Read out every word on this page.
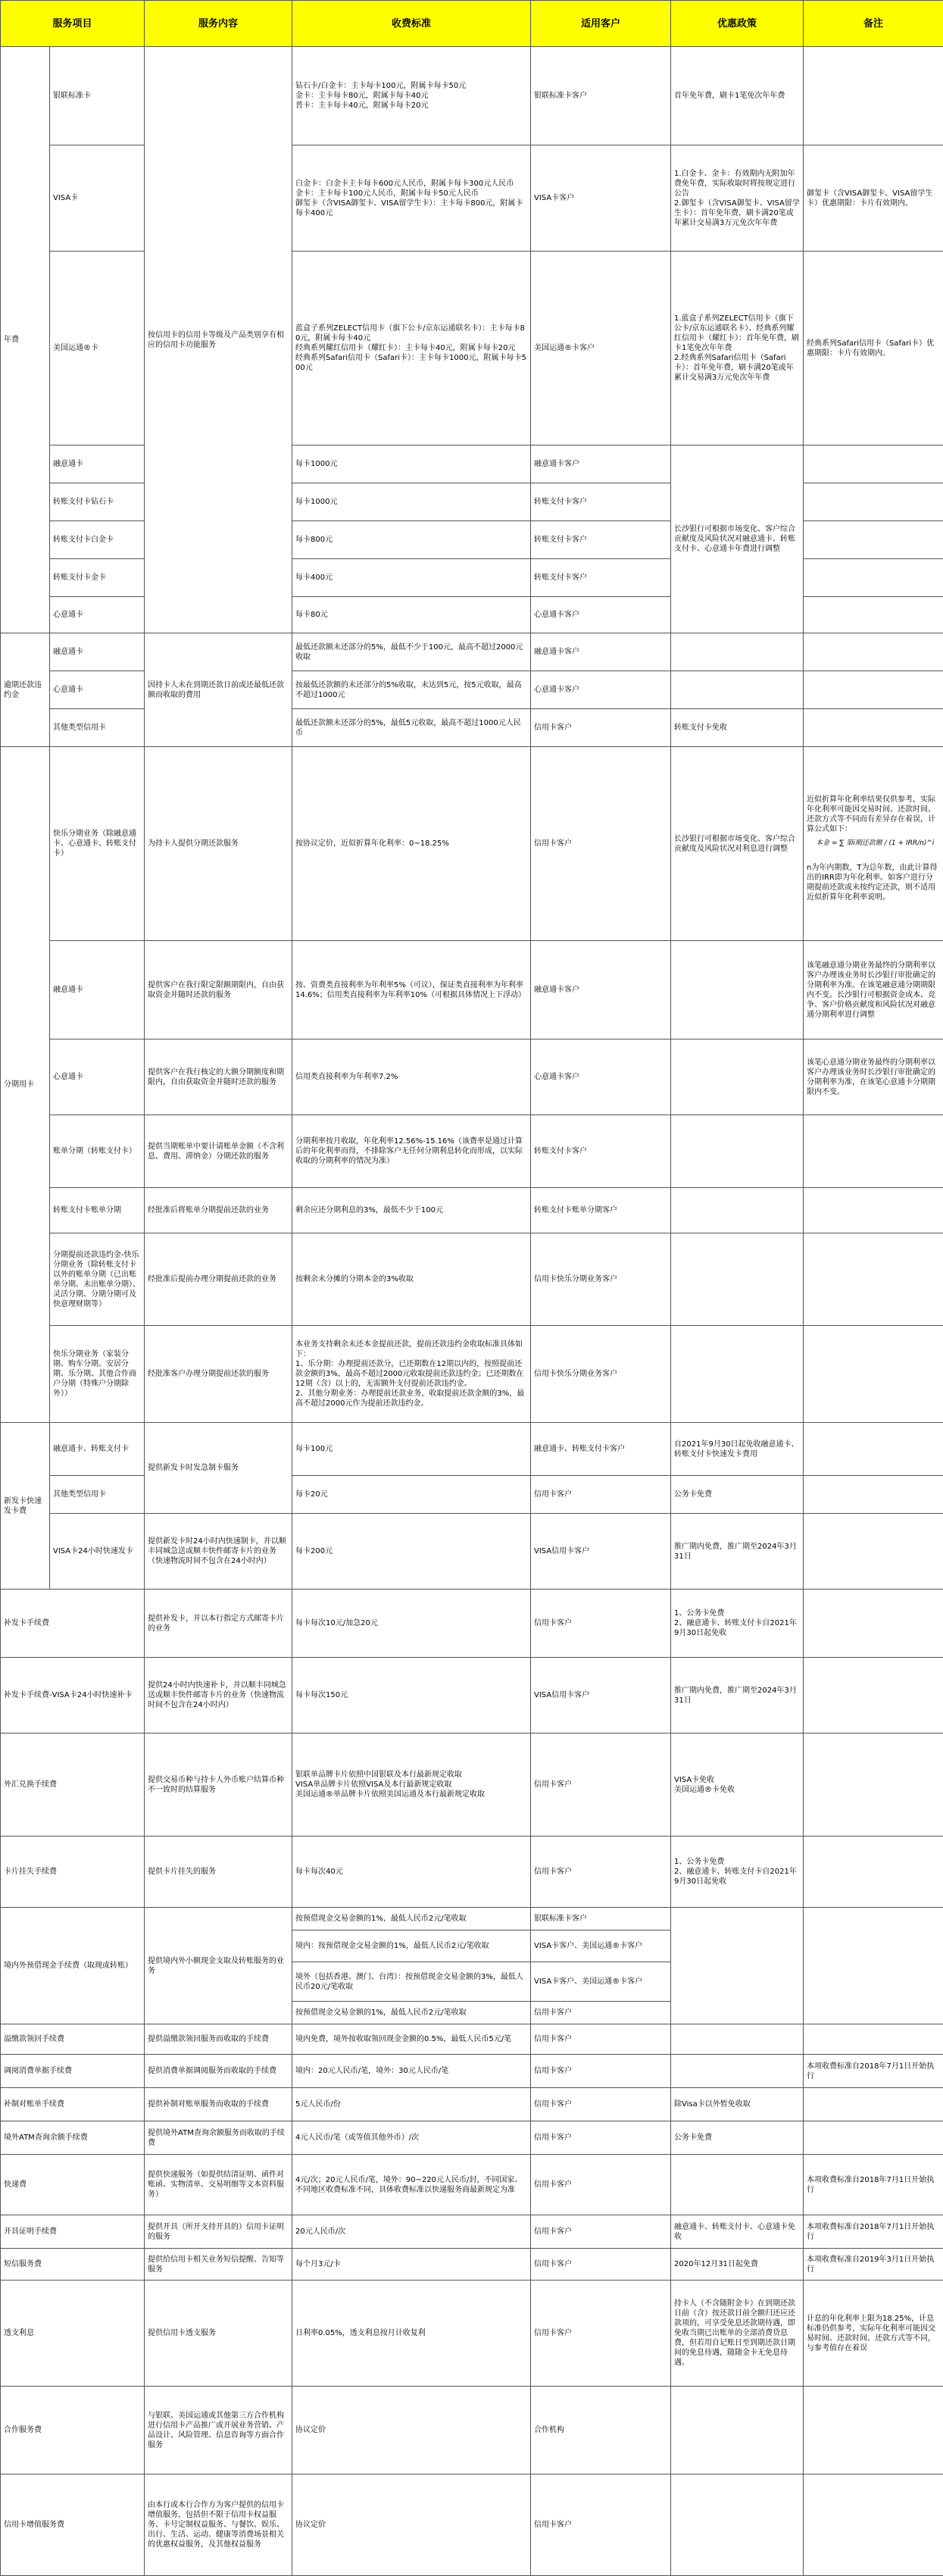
服务项目		服务内容	收费标准	适用客户	优惠政策	备注
年费	银联标准卡	按信用卡的信用卡等级及产品类别享有相应的信用卡功能服务	钻石卡/白金卡：主卡每卡100元，附属卡每卡50元
金卡：主卡每卡80元，附属卡每卡40元
普卡：主卡每卡40元，附属卡每卡20元	银联标准卡客户	首年免年费，刷卡1笔免次年年费	
	VISA卡		白金卡：白金卡主卡每卡600元人民币，附属卡每卡300元人民币
金卡：主卡每卡100元人民币，附属卡每卡50元人民币
御玺卡（含VISA御玺卡、VISA留学生卡）：主卡每卡800元，附属卡每卡400元	VISA卡客户	1.白金卡、金卡：有效期内无附加年费免年费，实际收取时将按规定进行公告
2.御玺卡（含VISA御玺卡、VISA留学生卡）：首年免年费，刷卡满20笔或年累计交易满3万元免次年年费	御玺卡（含VISA御玺卡、VISA留学生卡）优惠期限：卡片有效期内。
	美国运通®卡		蓝盒子系列ZELECT信用卡（旗下公卡/京东运通联名卡）：主卡每卡80元，附属卡每卡40元
经典系列耀红信用卡（耀红卡）：主卡每卡40元，附属卡每卡20元
经典系列Safari信用卡（Safari卡）：主卡每卡1000元，附属卡每卡500元	美国运通®卡客户	1.蓝盒子系列ZELECT信用卡（旗下公卡/京东运通联名卡）、经典系列耀红信用卡（耀红卡）：首年免年费，刷卡1笔免次年年费
2.经典系列Safari信用卡（Safari卡）：首年免年费，刷卡满20笔或年累计交易满3万元免次年年费	经典系列Safari信用卡（Safari卡）优惠期限：卡片有效期内。
	融意通卡		每卡1000元	融意通卡客户	长沙银行可根据市场变化、客户综合贡献度及风险状况对融意通卡、转账支付卡、心意通卡年费进行调整	
	转账支付卡钻石卡		每卡1000元	转账支付卡客户		
	转账支付卡白金卡		每卡800元	转账支付卡客户		
	转账支付卡金卡		每卡400元	转账支付卡客户		
	心意通卡		每卡80元	心意通卡客户		
逾期还款违约金	融意通卡	因持卡人未在到期还款日前或还最低还款额而收取的费用	最低还款额未还部分的5%，最低不少于100元，最高不超过2000元收取	融意通卡客户		
	心意通卡		按最低还款额的未还部分的5%收取，未达到5元，按5元收取，最高不超过1000元	心意通卡客户		
	其他类型信用卡		最低还款额未还部分的5%，最低5元收取，最高不超过1000元人民币	信用卡客户	转账支付卡免收	
分期用卡	快乐分期业务（除融意通卡、心意通卡、转账支付卡）	为持卡人提供分期还款服务	按协议定价，近似折算年化利率：0~18.25%	信用卡客户	长沙银行可根据市场变化、客户综合贡献度及风险状况对利息进行调整	近似折算年化利率结果仅供参考，实际年化利率可能因交易时间、还款时间、还款方式等不同而有差异存在着误，计算公式如下：

本金 = ∑ 第i期还款额 / (1 + IRR/n)^i

n为年内期数，T为总年数，由此计算得出的IRR即为年化利率。如客户进行分期提前还款或未按约定还款，则不适用近似折算年化利率说明。

	融意通卡	提供客户在我行限定限额期限内，自由获取资金并随时还款的服务	按、资费类直接利率为年利率5%（可议），保证类直接利率为年利率14.6%；信用类直接利率为年利率10%（可根据具体情况上下浮动）	融意通卡客户		该笔融意通分期业务最终的分期利率以客户办理该业务时长沙银行审批确定的分期利率为准。在该笔融意通分期期限内不变。长沙银行可根据资金成本、竞争、客户价格贡献度和风险状况对融意通分期利率进行调整
	心意通卡	提供客户在我行核定的大额分期额度和期限内，自由获取资金并随时还款的服务	信用类直接利率为年利率7.2%	心意通卡客户		该笔心意通分期业务最终的分期利率以客户办理该业务时长沙银行审批确定的分期利率为准，在该笔心意通卡分期期限内不变。
	账单分期（转账支付卡）	提供当期账单中要计请账单金额（不含利息、费用、滞纳金）分期还款的服务	分期利率按月收取，年化利率12.56%-15.16%（该费率是通过计算后的年化利率而得，不排除客户无任何分期利息转化而形成，以实际收取的分期利率的情况为准）	转账支付卡客户		
	转账支付卡账单分期	经批准后将账单分期提前还款的业务	剩余应还分期利息的3%，最低不少于100元	转账支付卡账单分期客户		
	分期提前还款违约金-快乐分期业务（除转账支付卡以外的账单分期（已出账单分期、未出账单分期）、灵活分期、分期分期可及快意理财期等）	经批准后提前办理分期提前还款的业务	按剩余未分摊的分期本金的3%收取	信用卡快乐分期业务客户		
	快乐分期业务（家装分期、购车分期、安居分期、乐分期、其他合作商户分期（特殊户分期除外））	经批准客户办理分期提前还款的服务	本业务支持剩余未还本金提前还款，提前还款违约金收取标准具体如下：
1、乐分期：办理提前还款分，已还期数在12期以内的，按照提前还款金额的3%，最高不超过2000元收取提前还款违约金；已还期数在12期（含）以上的，无需额外支付提前还款违约金。
2、其他分期业务：办理提前还款业务，收取提前还款金额的3%，最高不超过2000元作为提前还款违约金。	信用卡快乐分期业务客户		
新发卡快速发卡费	融意通卡、转账支付卡	提供新发卡时发急制卡服务	每卡100元	融意通卡、转账支付卡客户	自2021年9月30日起免收融意通卡、转账支付卡快速发卡费用	
	其他类型信用卡		每卡20元	信用卡客户	公务卡免费	
	VISA卡24小时快速发卡	提供新发卡时24小时内快速制卡，并以顺丰同城急送或顺丰快件邮寄卡片的业务（快速物流时间不包含在24小时内）	每卡200元	VISA信用卡客户	推广期内免费，推广期至2024年3月31日	
补发卡手续费		提供补发卡，并以本行指定方式邮寄卡片的业务	每卡每次10元/加急20元	信用卡客户	1、公务卡免费
2、融意通卡、转账支付卡自2021年9月30日起免收	
补发卡手续费-VISA卡24小时快速补卡		提供24小时内快速补卡，并以顺丰同城急送或顺丰快件邮寄卡片的业务（快速物流时间不包含在24小时内）	每卡每次150元	VISA信用卡客户	推广期内免费，推广期至2024年3月31日	
外汇兑换手续费		提供交易币种与持卡人外币账户结算币种不一致时的结算服务	银联单品牌卡片依照中国银联及本行最新规定收取
VISA单品牌卡片依照VISA及本行最新规定收取
美国运通®单品牌卡片依照美国运通及本行最新规定收取	信用卡客户	VISA卡免收
美国运通®卡免收	
卡片挂失手续费		提供卡片挂失的服务	每卡每次40元	信用卡客户	1、公务卡免费
2、融意通卡、转账支付卡自2021年9月30日起免收	
境内外预借现金手续费（取现或转账）		提供境内外小额现金支取及转账服务的业务	按预借现金交易金额的1%，最低人民币2元/笔收取	银联标准卡客户		
			境内：按预借现金交易金额的1%，最低人民币2元/笔收取	VISA卡客户、美国运通®卡客户		
			境外（包括香港、澳门、台湾）：按预借现金交易金额的3%，最低人民币20元/笔收取	VISA卡客户、美国运通®卡客户		
			按预借现金交易金额的1%，最低人民币2元/笔收取	信用卡客户		
溢缴款领回手续费		提供溢缴款领回服务而收取的手续费	境内免费，境外按收取领回现金金额的0.5%，最低人民币5元/笔	信用卡客户		
调阅消费单据手续费		提供消费单据调阅服务而收取的手续费	境内：20元人民币/笔，境外：30元人民币/笔	信用卡客户		本项收费标准自2018年7月1日开始执行
补制对账单手续费		提供补制对账单服务而收取的手续费	5元人民币/份	信用卡客户	除Visa卡以外暂免收取	
境外ATM查询余额手续费		提供境外ATM查询余额服务而收取的手续费	4元人民币/笔（或等值其他外币）/次	信用卡客户	公务卡免费	
快递费		提供快递服务（如提供结清证明、函件对账函、实物清单、交易明细等文本资料服务）	4元/次；20元人民币/笔，境外：90~220元人民币/封，不同国家、不同地区收费标准不同，具体收费标准以快递服务商最新规定为准	信用卡客户		本项收费标准自2018年7月1日开始执行
开具证明手续费		提供开具（所开支持开具的）信用卡证明的服务	20元人民币/次	信用卡客户	融意通卡、转账支付卡、心意通卡免收	本项收费标准自2018年7月1日开始执行
短信服务费		提供给信用卡相关业务短信提醒、告知等服务	每个月3元/卡	信用卡客户	2020年12月31日起免费	本项收费标准自2019年3月1日开始执行
透支利息		提供信用卡透支服务	日利率0.05%，透支利息按月计收复利	信用卡客户	持卡人（不含随附金卡）在到期还款日前（含）按还款日前全额归还应还款项的，可享受免息还款期待遇，即免收当期已出账单的全部消费贷息费，但若用自记账日至到期还款日期间的免息待遇，随随金卡无免息待遇。	计息的年化利率上限为18.25%，计息标准仍供参考，实际年化利率可能因交易时间、还款时间、还款方式等不同，与参考值存在着误
合作服务费		与银联、美国运通或其他第三方合作机构进行信用卡产品推广或开展业务营销、产品设计、风险管理、信息咨询等方面合作服务	协议定价	合作机构		
信用卡增值服务费		由本行或本行合作方为客户提供的信用卡增值服务，包括但不限于信用卡权益服务、卡号定制权益服务、与餐饮、娱乐、出行、生活、运动、健康等消费场景相关的优惠权益服务，及其他权益服务	协议定价	信用卡客户		
